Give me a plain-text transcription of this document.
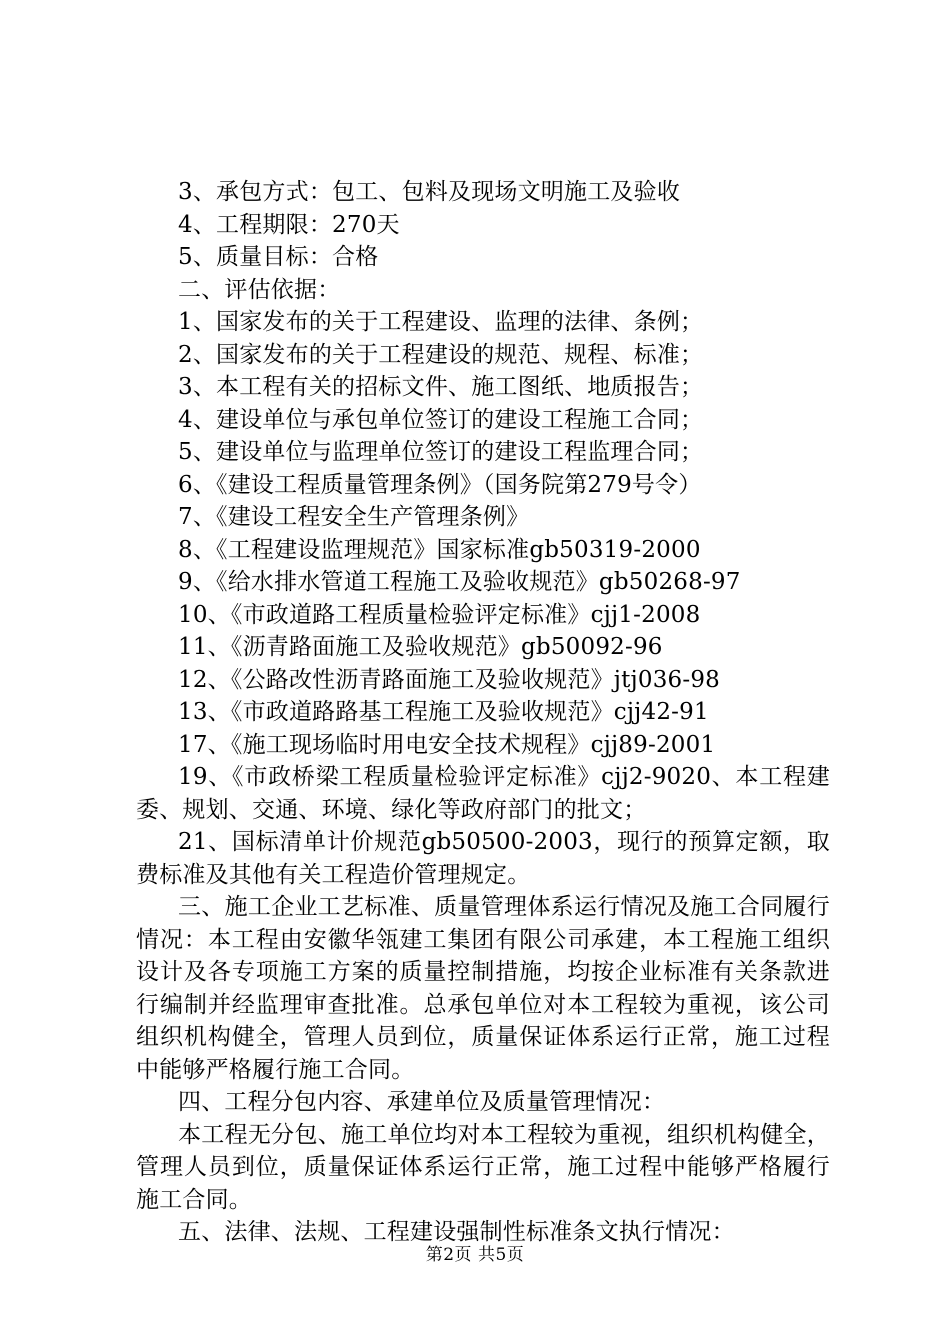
3、承包方式：包工、包料及现场文明施工及验收

4、工程期限：270天

5、质量目标：合格

二、评估依据：

1、国家发布的关于工程建设、监理的法律、条例；

2、国家发布的关于工程建设的规范、规程、标准；

3、本工程有关的招标文件、施工图纸、地质报告；

4、建设单位与承包单位签订的建设工程施工合同；

5、建设单位与监理单位签订的建设工程监理合同；

6、《建设工程质量管理条例》（国务院第279号令）

7、《建设工程安全生产管理条例》

8、《工程建设监理规范》国家标准gb50319-2000

9、《给水排水管道工程施工及验收规范》gb50268-97

10、《市政道路工程质量检验评定标准》cjj1-2008

11、《沥青路面施工及验收规范》gb50092-96

12、《公路改性沥青路面施工及验收规范》jtj036-98

13、《市政道路路基工程施工及验收规范》cjj42-91

17、《施工现场临时用电安全技术规程》cjj89-2001

19、《市政桥梁工程质量检验评定标准》cjj2-9020、本工程建委、规划、交通、环境、绿化等政府部门的批文；

21、国标清单计价规范gb50500-2003，现行的预算定额，取费标准及其他有关工程造价管理规定。

三、施工企业工艺标准、质量管理体系运行情况及施工合同履行情况：本工程由安徽华瓴建工集团有限公司承建，本工程施工组织设计及各专项施工方案的质量控制措施，均按企业标准有关条款进行编制并经监理审查批准。总承包单位对本工程较为重视，该公司组织机构健全，管理人员到位，质量保证体系运行正常，施工过程中能够严格履行施工合同。

四、工程分包内容、承建单位及质量管理情况：

本工程无分包、施工单位均对本工程较为重视，组织机构健全，管理人员到位，质量保证体系运行正常，施工过程中能够严格履行施工合同。

五、法律、法规、工程建设强制性标准条文执行情况：

第2页 共5页
